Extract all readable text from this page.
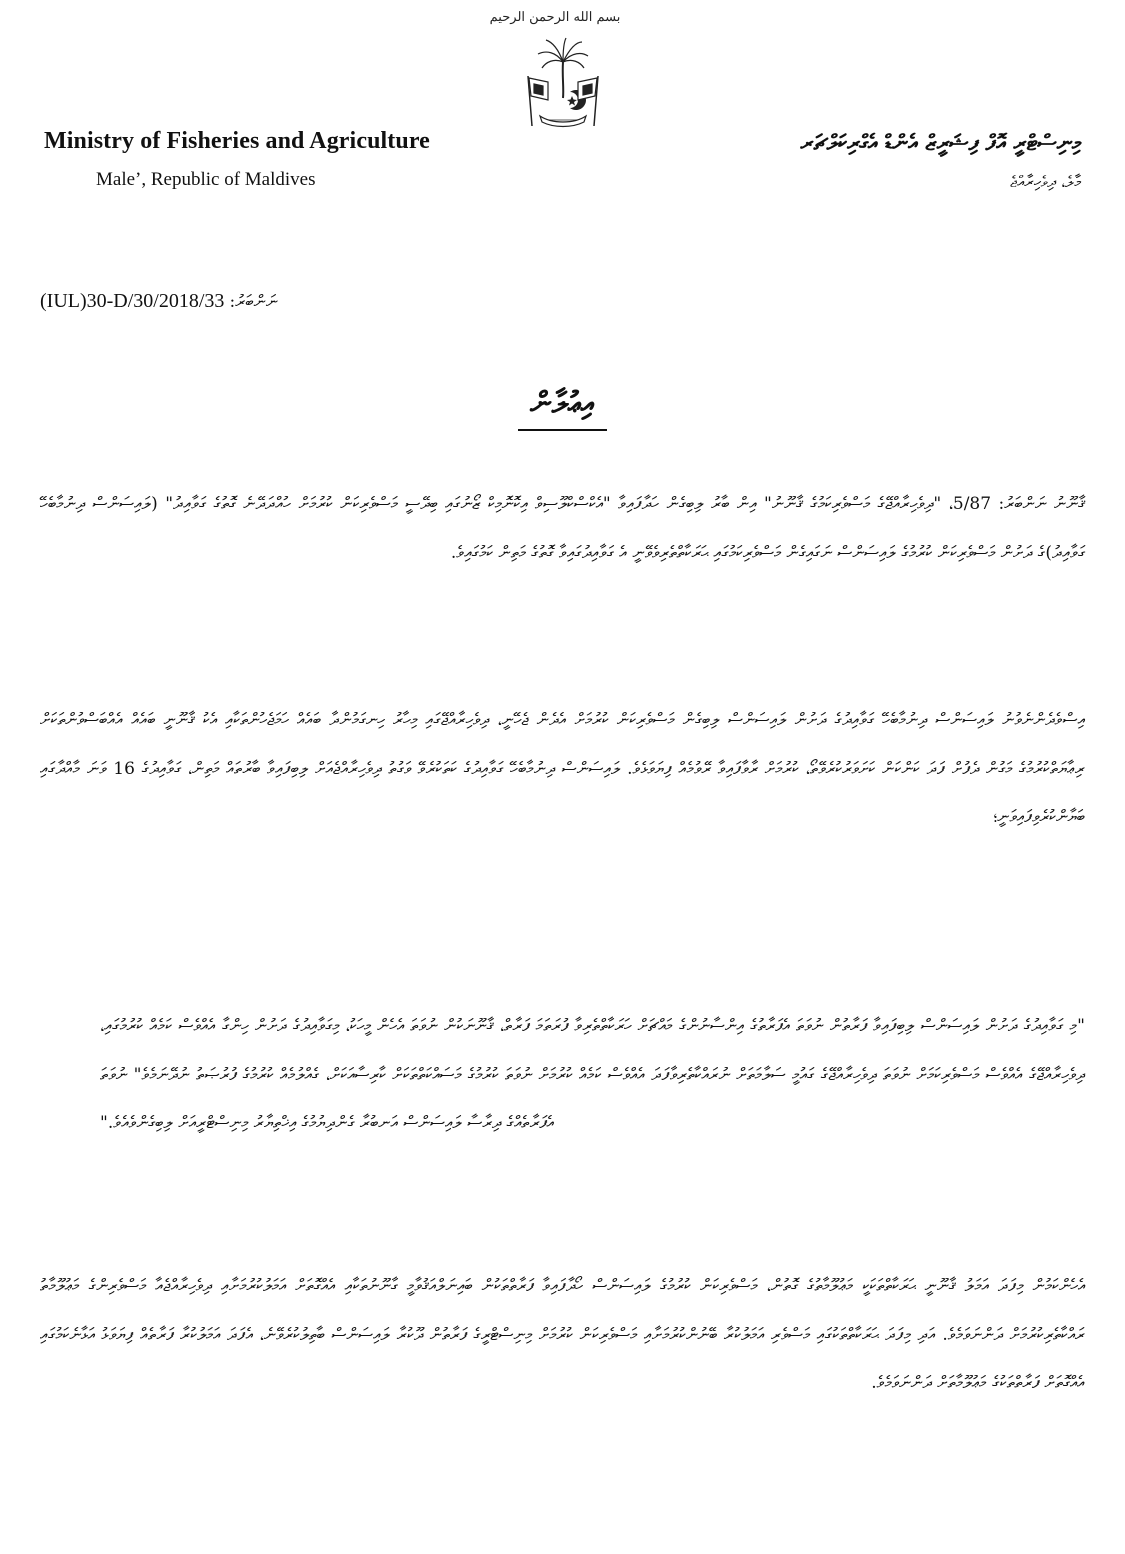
بسم الله الرحمن الرحيم
Ministry of Fisheries and Agriculture
Male’, Republic of Maldives
މިނިސްޓްރީ އޮފް ފިޝަރީޒް އެންޑް އެގްރިކަލްޗަރ
މާލެ، ދިވެހިރާއްޖެ
ނަންބަރު: (IUL)30-D/30/2018/33
އިޢުލާން

ޤާނޫނު ނަންބަރު: 5/87، "ދިވެހިރާއްޖޭގެ މަސްވެރިކަމުގެ ޤާނޫނު" އިން ބާރު ލިބިގެން ހަދާފައިވާ "އެކްސްކްލޫސިވް އިކޮނޮމިކް ޒޯނުގައި ބިދޭސީ މަސްވެރިކަން ކުރުމަށް ހުއްދަދޭނެ ގޮތުގެ ގަވާއިދު" (ލައިސަންސް ދިނުމާބެހޭ ގަވާއިދު)ގެ ދަށުން މަސްވެރިކަން ކުރުމުގެ ލައިސަންސް ނަގައިގެން މަސްވެރިކަމުގައި ޙަރަކާތްތެރިވެވޭނީ އެ ގަވާއިދުގައިވާ ގޮތުގެ މަތިން ކަމުގައިވެ.

އިސްވެދެންނެވުނު ލައިސަންސް ދިނުމާބެހޭ ގަވާއިދުގެ ދަށުން ލައިސަންސް ލިބިގެން މަސްވެރިކަން ކުރުމަށް އެދެން ޖެހޭނީ، ދިވެހިރާއްޖޭގައި މިހާރު ހިނގަމުންދާ ބައެއް ހަމަޖެހުންތަކާއި އެކު ޤާނޫނީ ބައެއް އެއްބަސްވުންތަކަށް ރިޢާޔަތްކުރުމުގެ މަގުން ދެފުށް ފަދަ ކަންކަން ކަށަވަރުކުރެވޭތޯ، ކުރުމަށް ރާވާފައިވާ ރޭވުމެއް ފިޔަވަޅެވެ. ލައިސަންސް ދިނުމާބެހޭ ގަވާއިދުގެ ކަތަކުރެވޭ ވަގުތު ދިވެހިރާއްޖެއަށް ލިބިފައިވާ ބާރުތައް މަތިން، ގަވާއިދުގެ 16 ވަނަ މާއްދާގައި ބަޔާންކުރެވިފައިވަނީ؛

"މި ގަވާއިދުގެ ދަށުން ލައިސަންސް ލިބިފައިވާ ފަރާތުން ނުވަތަ އެފަރާތުގެ އިންސާނުންގެ މައްޗަށް ހަރަކާތްތެރިވާ ފުރަތަމަ ފަރާތް، ޤާނޫނަކުން ނުވަތަ އެހެން މީހަކު، މިގަވާއިދުގެ ދަށުން ހިންގާ އެއްވެސް ކަމެއް ކުރުމުގައި، ދިވެހިރާއްޖޭގެ އެއްވެސް މަސްވެރިކަމަށް ނުވަތަ ދިވެހިރާއްޖޭގެ ގައުމީ ސަލާމަތަށް ނުރައްކާތެރިވާފަދަ އެއްވެސް ކަމެއް ކުރުމަށް ނުވަތަ ކުރުމުގެ މަސައްކަތްތަކަށް ކާރިސާއަކަށް، ގެއްލުމެއް ކުރުމުގެ ފުރުޞަތު ނުދޭނަމެވެ" ނުވަތަ އެފަރާތެއްގެ ދިރާސާ ލައިސަންސް އަނބުރާ ގެންދިޔުމުގެ އިޚްތިޔާރު މިނިސްޓްރީއަށް ލިބިގެންވެއެވެ."

އެހެންކަމުން މިފަދަ އަމަލު ޤާނޫނީ ޙަރަކާތްތަކަކީ މަޢުލޫމާތުގެ ގޮތުން، މަސްވެރިކަން ކުރުމުގެ ލައިސަންސް ހޯދާފައިވާ ފަރާތްތަކުން ބައިނަލްއަޤުވާމީ ގާނޫނުތަކާއި އެއްގޮތަށް އަމަލުކުރުމަށާއި ދިވެހިރާއްޖެއާ މަސްވެރިންގެ މަޢުލޫމާތު ރައްކާތެރިކުރުމަށް ދަންނަވަމެވެ. އަދި މިފަދަ ޙަރަކާތްތަކުގައި މަސްވެރި އަމަލުކުރާ ބޭނުންކުރުމަށާއި މަސްވެރިކަން ކުރުމަށް މިނިސްޓްރީގެ ފަރާތުން ދޫކުރާ ލައިސަންސް ބާތިލުކުރެވޭނެ، އެފަދަ އަމަލުކުރާ ފަރާތެއް ފިޔަވަޅު އަޅާނެކަމުގައި އެއްގޮތަށް ފަރާތްތަކުގެ މަޢުލޫމާތަށް ދަންނަވަމެވެ.
